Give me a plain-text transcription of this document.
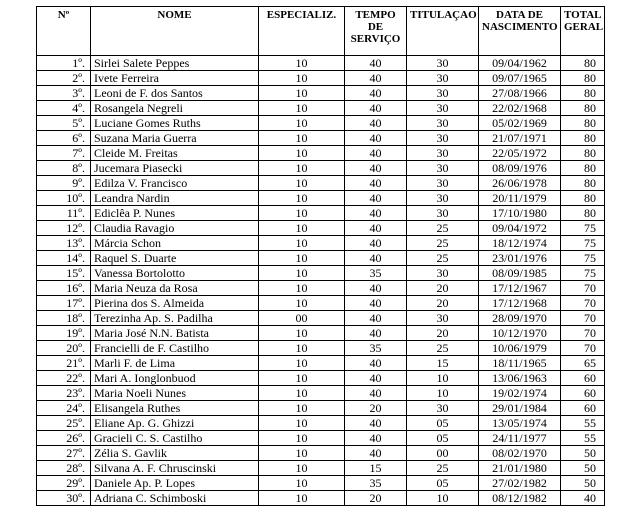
Nº	NOME	ESPECIALIZ.	TEMPO DE SERVIÇO	TITULAÇAO	DATA DE NASCIMENTO	TOTAL GERAL
1º.	Sirlei Salete Peppes	10	40	30	09/04/1962	80
2º.	Ivete Ferreira	10	40	30	09/07/1965	80
3º.	Leoni de F. dos Santos	10	40	30	27/08/1966	80
4º.	Rosangela Negreli	10	40	30	22/02/1968	80
5º.	Luciane Gomes Ruths	10	40	30	05/02/1969	80
6º.	Suzana Maria Guerra	10	40	30	21/07/1971	80
7º.	Cleide M. Freitas	10	40	30	22/05/1972	80
8º.	Jucemara Piasecki	10	40	30	08/09/1976	80
9º.	Edilza V. Francisco	10	40	30	26/06/1978	80
10º.	Leandra Nardin	10	40	30	20/11/1979	80
11º.	Ediclêa P. Nunes	10	40	30	17/10/1980	80
12º.	Claudia Ravagio	10	40	25	09/04/1972	75
13º.	Márcia Schon	10	40	25	18/12/1974	75
14º.	Raquel S. Duarte	10	40	25	23/01/1976	75
15º.	Vanessa Bortolotto	10	35	30	08/09/1985	75
16º.	Maria Neuza da Rosa	10	40	20	17/12/1967	70
17º.	Pierina dos S. Almeida	10	40	20	17/12/1968	70
18º.	Terezinha Ap. S. Padilha	00	40	30	28/09/1970	70
19º.	Maria José N.N. Batista	10	40	20	10/12/1970	70
20º.	Francielli de F. Castilho	10	35	25	10/06/1979	70
21º.	Marli F. de Lima	10	40	15	18/11/1965	65
22º.	Mari A. Ionglonbuod	10	40	10	13/06/1963	60
23º.	Maria Noeli Nunes	10	40	10	19/02/1974	60
24º.	Elisangela Ruthes	10	20	30	29/01/1984	60
25º.	Eliane Ap. G. Ghizzi	10	40	05	13/05/1974	55
26º.	Gracieli C. S. Castilho	10	40	05	24/11/1977	55
27º.	Zélia S. Gavlik	10	40	00	08/02/1970	50
28º.	Silvana A. F. Chruscinski	10	15	25	21/01/1980	50
29º.	Daniele Ap. P. Lopes	10	35	05	27/02/1982	50
30º.	Adriana C. Schimboski	10	20	10	08/12/1982	40
